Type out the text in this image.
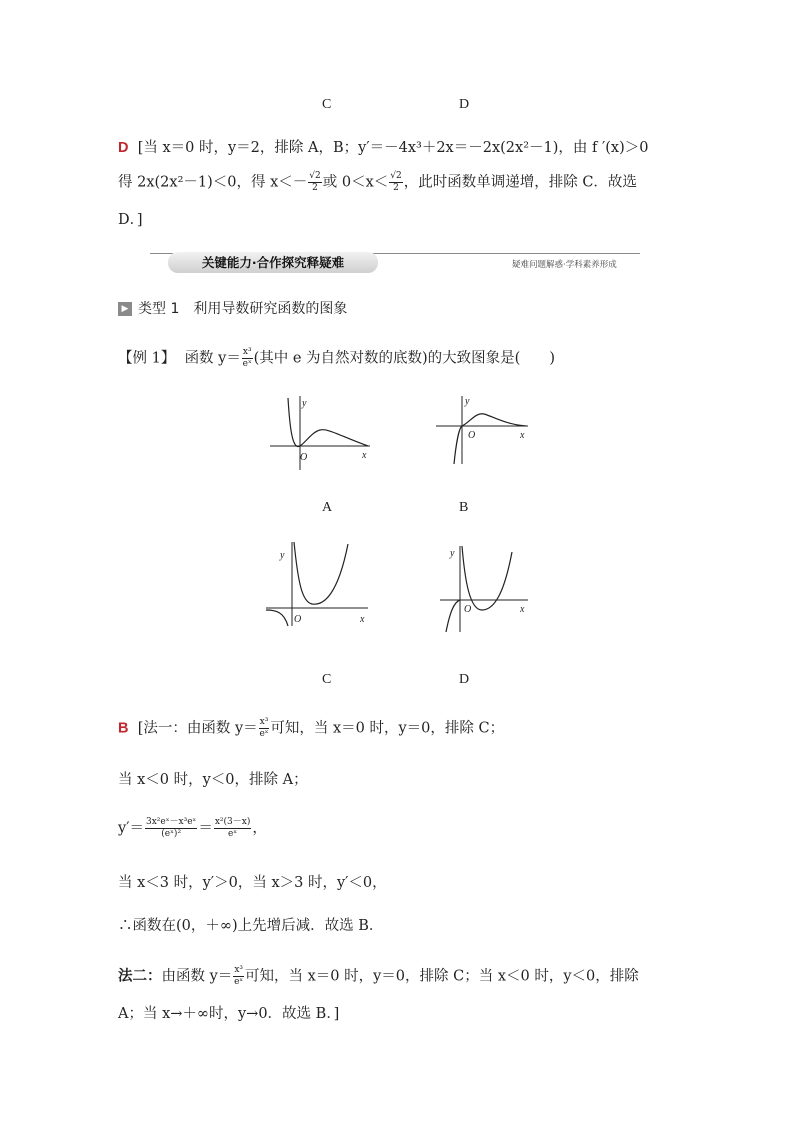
C	D
D [当 x＝0 时，y＝2，排除 A，B；y′＝－4x³＋2x＝－2x(2x²－1)，由 f ′(x)＞0
得 2x(2x²－1)＜0，得 $x<- \frac{√2}{2}$ 或 $0<x< \frac{√2}{2}$ ，此时函数单调递增，排除 C．故选
D．]
关键能力·合作探究释疑难	疑难问题解惑·学科素养形成
▶ 类型 1　利用导数研究函数的图象
【例 1】 函数 $y= \frac{\text{x³}}{\text{eˣ}}$ (其中 e 为自然对数的底数)的大致图象是(　　)
x
y
O
A
x
y
O
B
x
y
O
C
x
y
O
D
B [法一：由函数 $y= \frac{\text{x³}}{\text{eˣ}}$ 可知，当 x＝0 时，y＝0，排除 C；
当 x＜0 时，y＜0，排除 A；
$y'= \frac{\text{3x²eˣ－x³eˣ}}{\text{(eˣ)²}} = \frac{\text{x²(3－x)}}{\text{eˣ}}$ ，
当 x＜3 时，y′＞0，当 x＞3 时，y′＜0，
∴函数在(0，＋∞)上先增后减．故选 B．
法二：由函数 $y= \frac{\text{x³}}{\text{eˣ}}$ 可知，当 x＝0 时，y＝0，排除 C；当 x＜0 时，y＜0，排除
A；当 x→＋∞时，y→0．故选 B．]
